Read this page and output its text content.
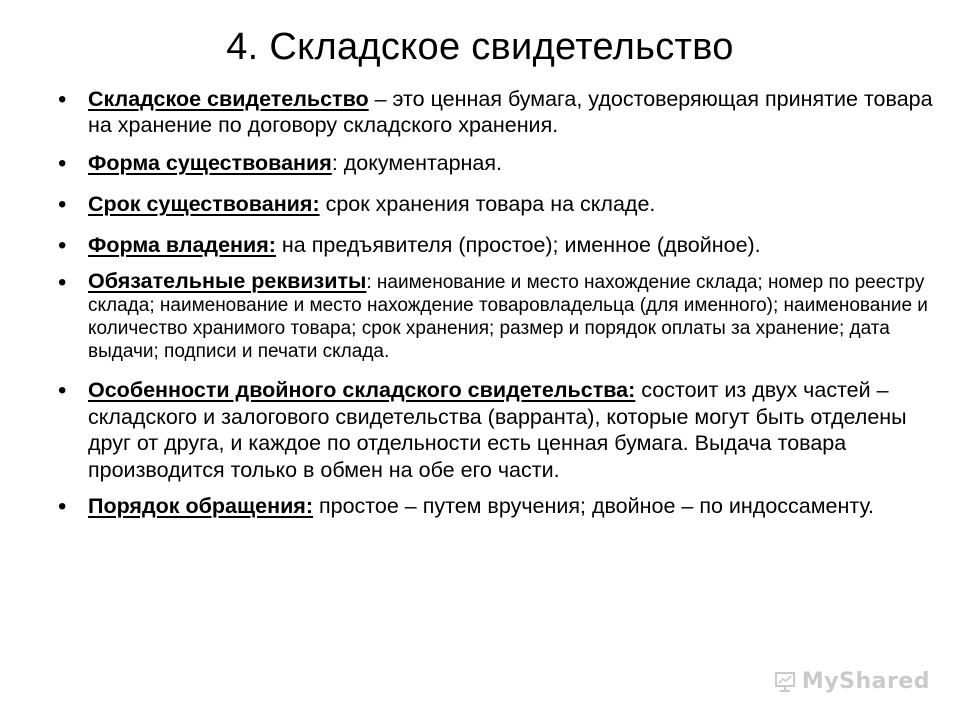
4. Складское свидетельство
• Складское свидетельство – это ценная бумага, удостоверяющая принятие товара на хранение по договору складского хранения.
• Форма существования: документарная.
• Срок существования: срок хранения товара на складе.
• Форма владения: на предъявителя (простое); именное (двойное).
• Обязательные реквизиты: наименование и место нахождение склада; номер по реестру склада; наименование и место нахождение товаровладельца (для именного); наименование и количество хранимого товара; срок хранения; размер и порядок оплаты за хранение; дата выдачи; подписи и печати склада.
• Особенности двойного складского свидетельства: состоит из двух частей – складского и залогового свидетельства (варранта), которые могут быть отделены друг от друга, и каждое по отдельности есть ценная бумага. Выдача товара производится только в обмен на обе его части.
• Порядок обращения: простое – путем вручения; двойное – по индоссаменту.
MyShared
